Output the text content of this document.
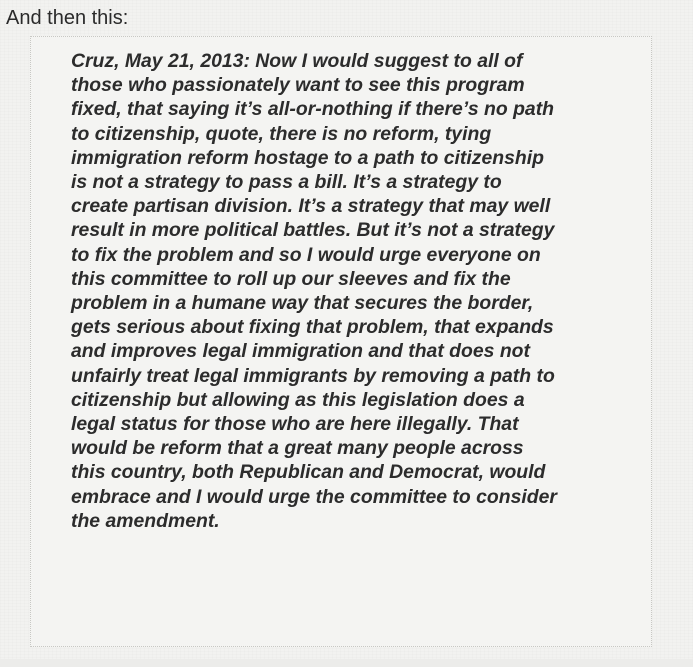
And then this:

Cruz, May 21, 2013: Now I would suggest to all of
those who passionately want to see this program
fixed, that saying it’s all-or-nothing if there’s no path
to citizenship, quote, there is no reform, tying
immigration reform hostage to a path to citizenship
is not a strategy to pass a bill. It’s a strategy to
create partisan division. It’s a strategy that may well
result in more political battles. But it’s not a strategy
to fix the problem and so I would urge everyone on
this committee to roll up our sleeves and fix the
problem in a humane way that secures the border,
gets serious about fixing that problem, that expands
and improves legal immigration and that does not
unfairly treat legal immigrants by removing a path to
citizenship but allowing as this legislation does a
legal status for those who are here illegally. That
would be reform that a great many people across
this country, both Republican and Democrat, would
embrace and I would urge the committee to consider
the amendment.
